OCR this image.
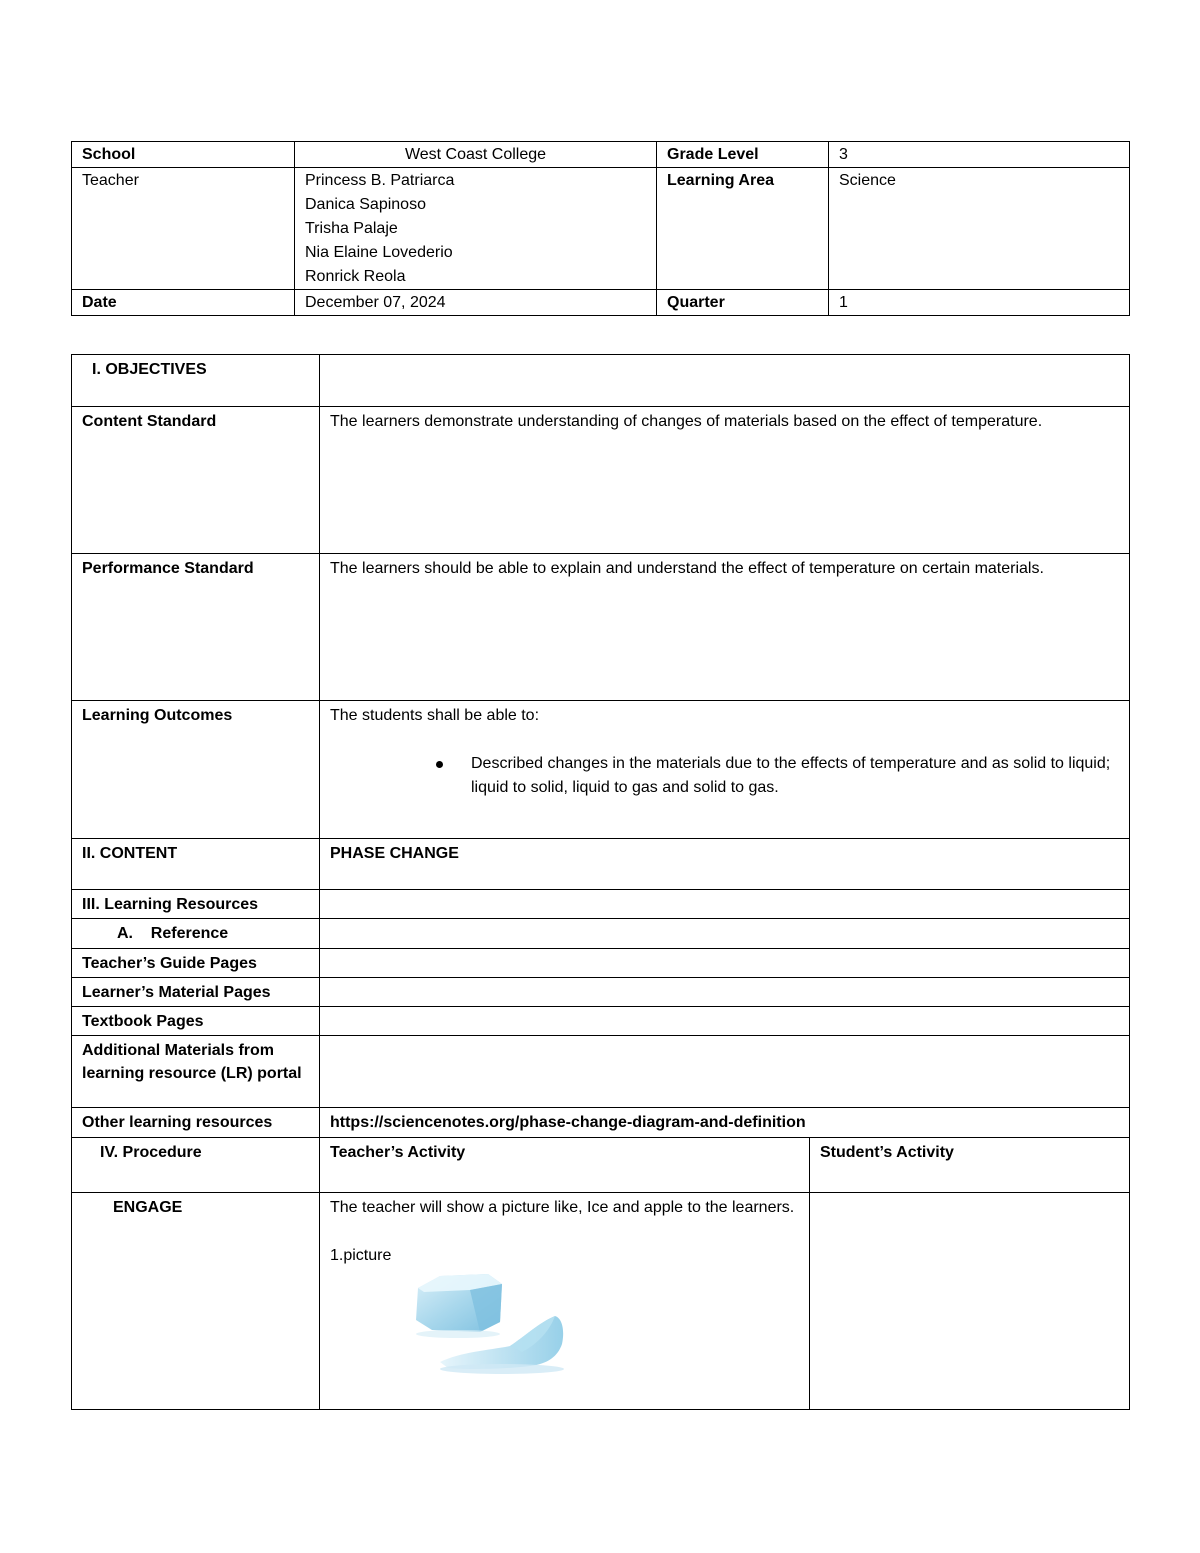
School	West Coast College	Grade Level	3
Teacher	Princess B. Patriarca
Danica Sapinoso
Trisha Palaje
Nia Elaine Lovederio
Ronrick Reola	Learning Area	Science
Date	December 07, 2024	Quarter	1
I. OBJECTIVES		
Content Standard	The learners demonstrate understanding of changes of materials based on the effect of temperature.	
Performance Standard	The learners should be able to explain and understand the effect of temperature on certain materials.	
Learning Outcomes	The students shall be able to:
Described changes in the materials due to the effects of temperature and as solid to liquid; liquid to solid, liquid to gas and solid to gas.	

II. CONTENT	PHASE CHANGE	
III. Learning Resources		
A.    Reference		
Teacher’s Guide Pages		
Learner’s Material Pages		
Textbook Pages		
Additional Materials from learning resource (LR) portal		
Other learning resources	https://sciencenotes.org/phase-change-diagram-and-definition	
IV. Procedure	Teacher’s Activity	Student’s Activity
ENGAGE	The teacher will show a picture like, Ice and apple to the learners.
1.picture	
